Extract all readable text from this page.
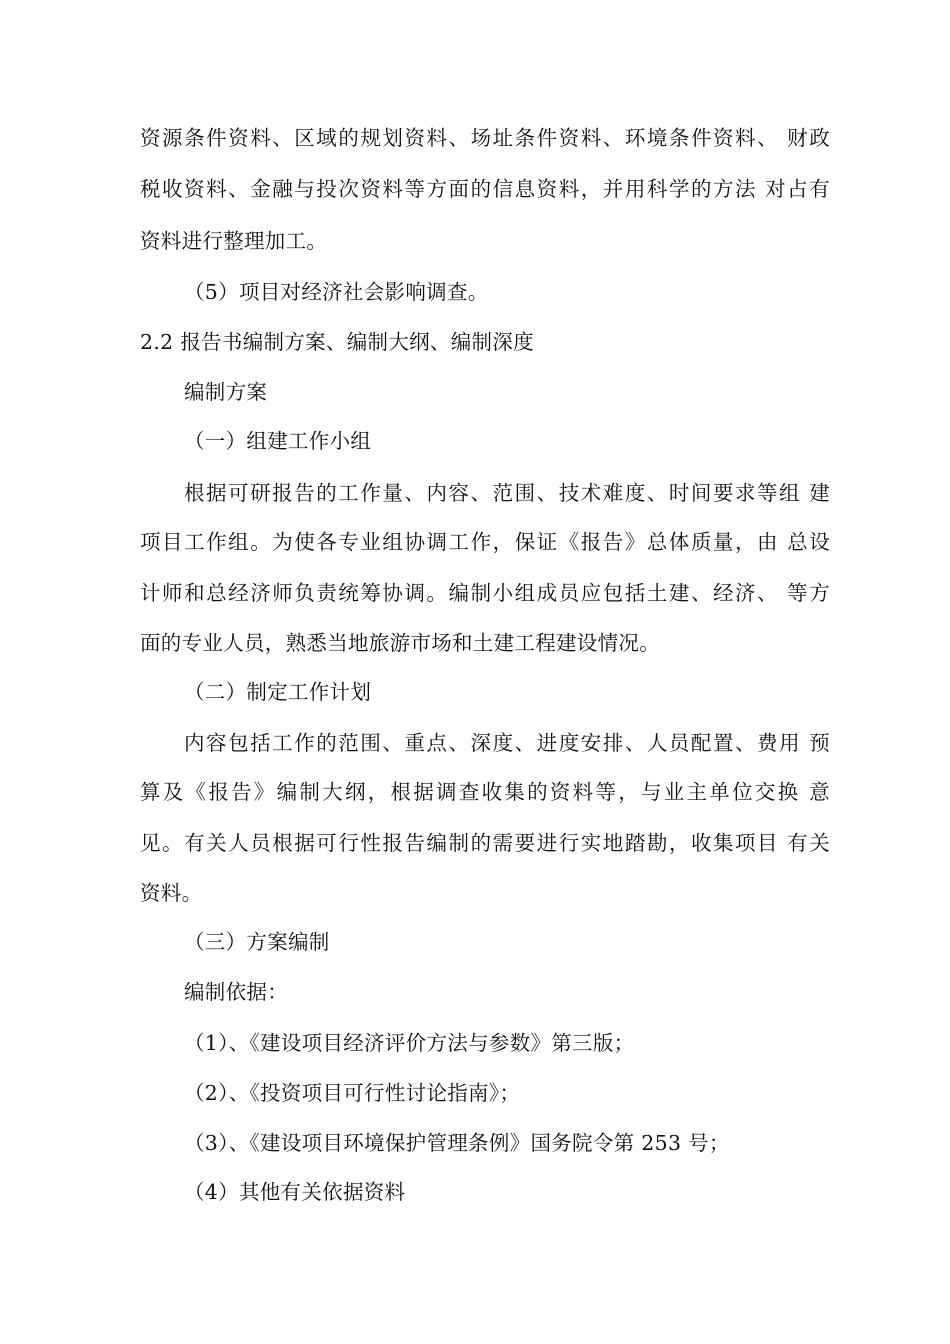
资源条件资料、区域的规划资料、场址条件资料、环境条件资料、 财政
税收资料、金融与投次资料等方面的信息资料，并用科学的方法 对占有
资料进行整理加工。
（5）项目对经济社会影响调查。
2.2 报告书编制方案、编制大纲、编制深度
编制方案
（一）组建工作小组
根据可研报告的工作量、内容、范围、技术难度、时间要求等组 建
项目工作组。为使各专业组协调工作，保证《报告》总体质量，由 总设
计师和总经济师负责统筹协调。编制小组成员应包括土建、经济、 等方
面的专业人员，熟悉当地旅游市场和土建工程建设情况。
（二）制定工作计划
内容包括工作的范围、重点、深度、进度安排、人员配置、费用 预
算及《报告》编制大纲，根据调查收集的资料等，与业主单位交换 意
见。有关人员根据可行性报告编制的需要进行实地踏勘，收集项目 有关
资料。
（三）方案编制
编制依据：
（1）、《建设项目经济评价方法与参数》第三版；
（2）、《投资项目可行性讨论指南》；
（3）、《建设项目环境保护管理条例》国务院令第 253 号；
（4）其他有关依据资料
